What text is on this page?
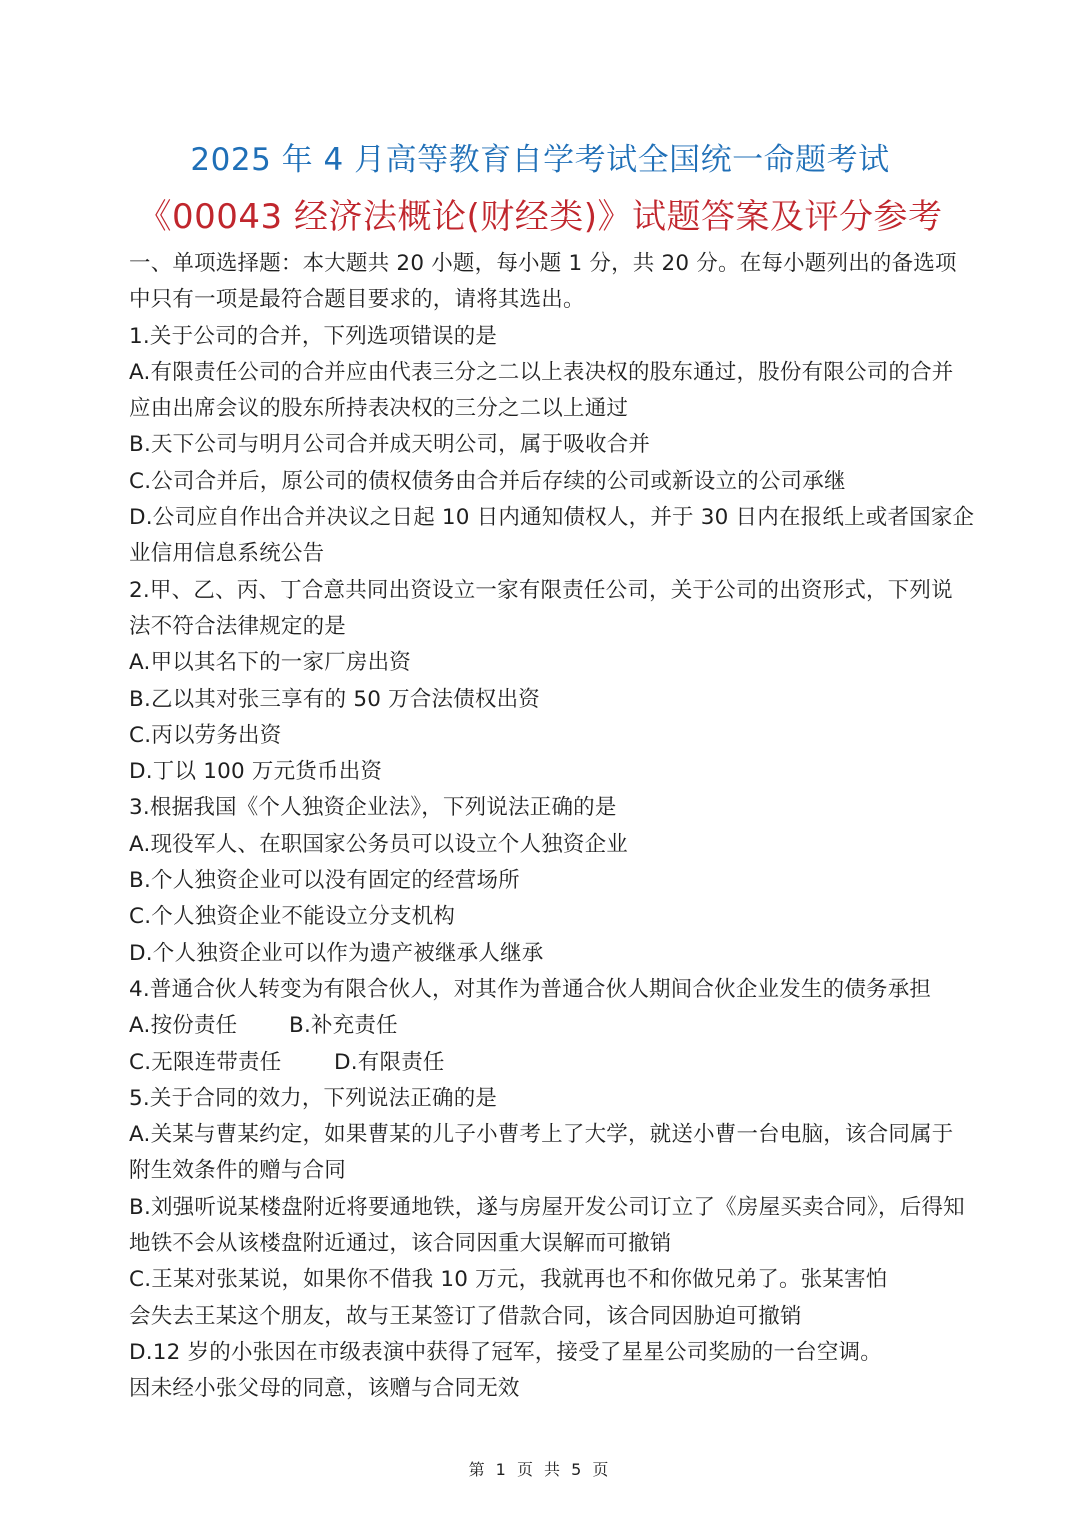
2025 年 4 月高等教育自学考试全国统一命题考试
《00043 经济法概论(财经类)》试题答案及评分参考
一、单项选择题：本大题共 20 小题，每小题 1 分，共 20 分。在每小题列出的备选项
中只有一项是最符合题目要求的，请将其选出。
1.关于公司的合并，下列选项错误的是
A.有限责任公司的合并应由代表三分之二以上表决权的股东通过，股份有限公司的合并
应由出席会议的股东所持表决权的三分之二以上通过
B.天下公司与明月公司合并成天明公司，属于吸收合并
C.公司合并后，原公司的债权债务由合并后存续的公司或新设立的公司承继
D.公司应自作出合并决议之日起 10 日内通知债权人，并于 30 日内在报纸上或者国家企
业信用信息系统公告
2.甲、乙、丙、丁合意共同出资设立一家有限责任公司，关于公司的出资形式，下列说
法不符合法律规定的是
A.甲以其名下的一家厂房出资
B.乙以其对张三享有的 50 万合法债权出资
C.丙以劳务出资
D.丁以 100 万元货币出资
3.根据我国《个人独资企业法》，下列说法正确的是
A.现役军人、在职国家公务员可以设立个人独资企业
B.个人独资企业可以没有固定的经营场所
C.个人独资企业不能设立分支机构
D.个人独资企业可以作为遗产被继承人继承
4.普通合伙人转变为有限合伙人，对其作为普通合伙人期间合伙企业发生的债务承担
A.按份责任 B.补充责任
C.无限连带责任 D.有限责任
5.关于合同的效力，下列说法正确的是
A.关某与曹某约定，如果曹某的儿子小曹考上了大学，就送小曹一台电脑，该合同属于
附生效条件的赠与合同
B.刘强听说某楼盘附近将要通地铁，遂与房屋开发公司订立了《房屋买卖合同》，后得知
地铁不会从该楼盘附近通过，该合同因重大误解而可撤销
C.王某对张某说，如果你不借我 10 万元，我就再也不和你做兄弟了。张某害怕
会失去王某这个朋友，故与王某签订了借款合同，该合同因胁迫可撤销
D.12 岁的小张因在市级表演中获得了冠军，接受了星星公司奖励的一台空调。
因未经小张父母的同意，该赠与合同无效
第 1 页 共 5 页
